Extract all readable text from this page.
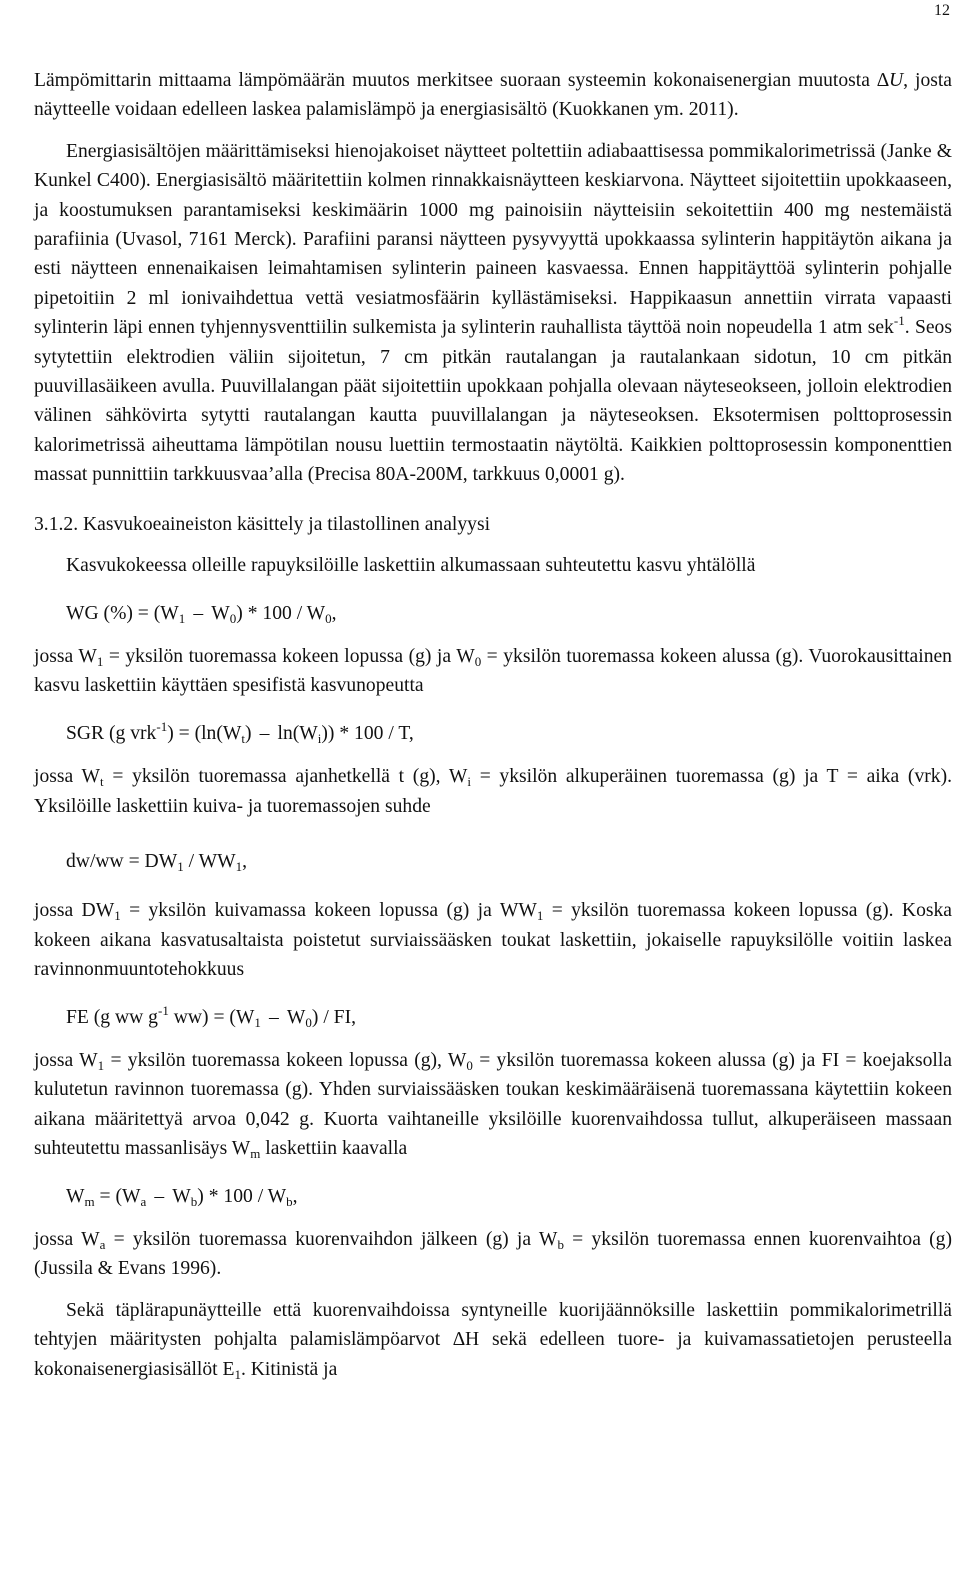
12

Lämpömittarin mittaama lämpömäärän muutos merkitsee suoraan systeemin kokonaisenergian muutosta ∆U, josta näytteelle voidaan edelleen laskea palamislämpö ja energiasisältö (Kuokkanen ym. 2011).

Energiasisältöjen määrittämiseksi hienojakoiset näytteet poltettiin adiabaattisessa pommikalorimetrissä (Janke & Kunkel C400). Energiasisältö määritettiin kolmen rinnakkaisnäytteen keskiarvona. Näytteet sijoitettiin upokkaaseen, ja koostumuksen parantamiseksi keskimäärin 1000 mg painoisiin näytteisiin sekoitettiin 400 mg nestemäistä parafiinia (Uvasol, 7161 Merck). Parafiini paransi näytteen pysyvyyttä upokkaassa sylinterin happitäytön aikana ja esti näytteen ennenaikaisen leimahtamisen sylinterin paineen kasvaessa. Ennen happitäyttöä sylinterin pohjalle pipetoitiin 2 ml ionivaihdettua vettä vesiatmosfäärin kyllästämiseksi. Happikaasun annettiin virrata vapaasti sylinterin läpi ennen tyhjennysventtiilin sulkemista ja sylinterin rauhallista täyttöä noin nopeudella 1 atm sek$^{-1}$. Seos sytytettiin elektrodien väliin sijoitetun, 7 cm pitkän rautalangan ja rautalankaan sidotun, 10 cm pitkän puuvillasäikeen avulla. Puuvillalangan päät sijoitettiin upokkaan pohjalla olevaan näyteseokseen, jolloin elektrodien välinen sähkövirta sytytti rautalangan kautta puuvillalangan ja näyteseoksen. Eksotermisen polttoprosessin kalorimetrissä aiheuttama lämpötilan nousu luettiin termostaatin näytöltä. Kaikkien polttoprosessin komponenttien massat punnittiin tarkkuusvaa’alla (Precisa 80A-200M, tarkkuus 0,0001 g).

3.1.2. Kasvukoeaineiston käsittely ja tilastollinen analyysi

Kasvukokeessa olleille rapuyksilöille laskettiin alkumassaan suhteutettu kasvu yhtälöllä

WG (%) = $(W_1 - W_0) * 100 / W_0$,

jossa $W_1$ = yksilön tuoremassa kokeen lopussa (g) ja $W_0$ = yksilön tuoremassa kokeen alussa (g). Vuorokausittainen kasvu laskettiin käyttäen spesifistä kasvunopeutta

SGR (g $vrk^{-1}) = (\ln(W_t) - \ln(W_i)) * 100 / T$,

jossa $W_t$ = yksilön tuoremassa ajanhetkellä t (g), $W_i$ = yksilön alkuperäinen tuoremassa (g) ja T = aika (vrk). Yksilöille laskettiin kuiva- ja tuoremassojen suhde

$dw/ww = DW_1 / WW_1$,

jossa $DW_1$ = yksilön kuivamassa kokeen lopussa (g) ja $WW_1$ = yksilön tuoremassa kokeen lopussa (g). Koska kokeen aikana kasvatusaltaista poistetut surviaissääsken toukat laskettiin, jokaiselle rapuyksilölle voitiin laskea ravinnonmuuntotehokkuus

FE (g ww $g^{-1}$ $ww) = (W_1 - W_0)$ / FI,

jossa $W_1$ = yksilön tuoremassa kokeen lopussa (g), $W_0$ = yksilön tuoremassa kokeen alussa (g) ja FI = koejaksolla kulutetun ravinnon tuoremassa (g). Yhden surviaissääsken toukan keskimääräisenä tuoremassana käytettiin kokeen aikana määritettyä arvoa 0,042 g. Kuorta vaihtaneille yksilöille kuorenvaihdossa tullut, alkuperäiseen massaan suhteutettu massanlisäys $W_m$ laskettiin kaavalla

$W_m = (W_a - W_b) * 100 / W_b$,

jossa $W_a$ = yksilön tuoremassa kuorenvaihdon jälkeen (g) ja $W_b$ = yksilön tuoremassa ennen kuorenvaihtoa (g) (Jussila & Evans 1996).

Sekä täplärapunäytteille että kuorenvaihdoissa syntyneille kuorijäännöksille laskettiin pommikalorimetrillä tehtyjen määritysten pohjalta palamislämpöarvot ∆H sekä edelleen tuore- ja kuivamassatietojen perusteella kokonaisenergiasisällöt $E_1$. Kitinistä ja
